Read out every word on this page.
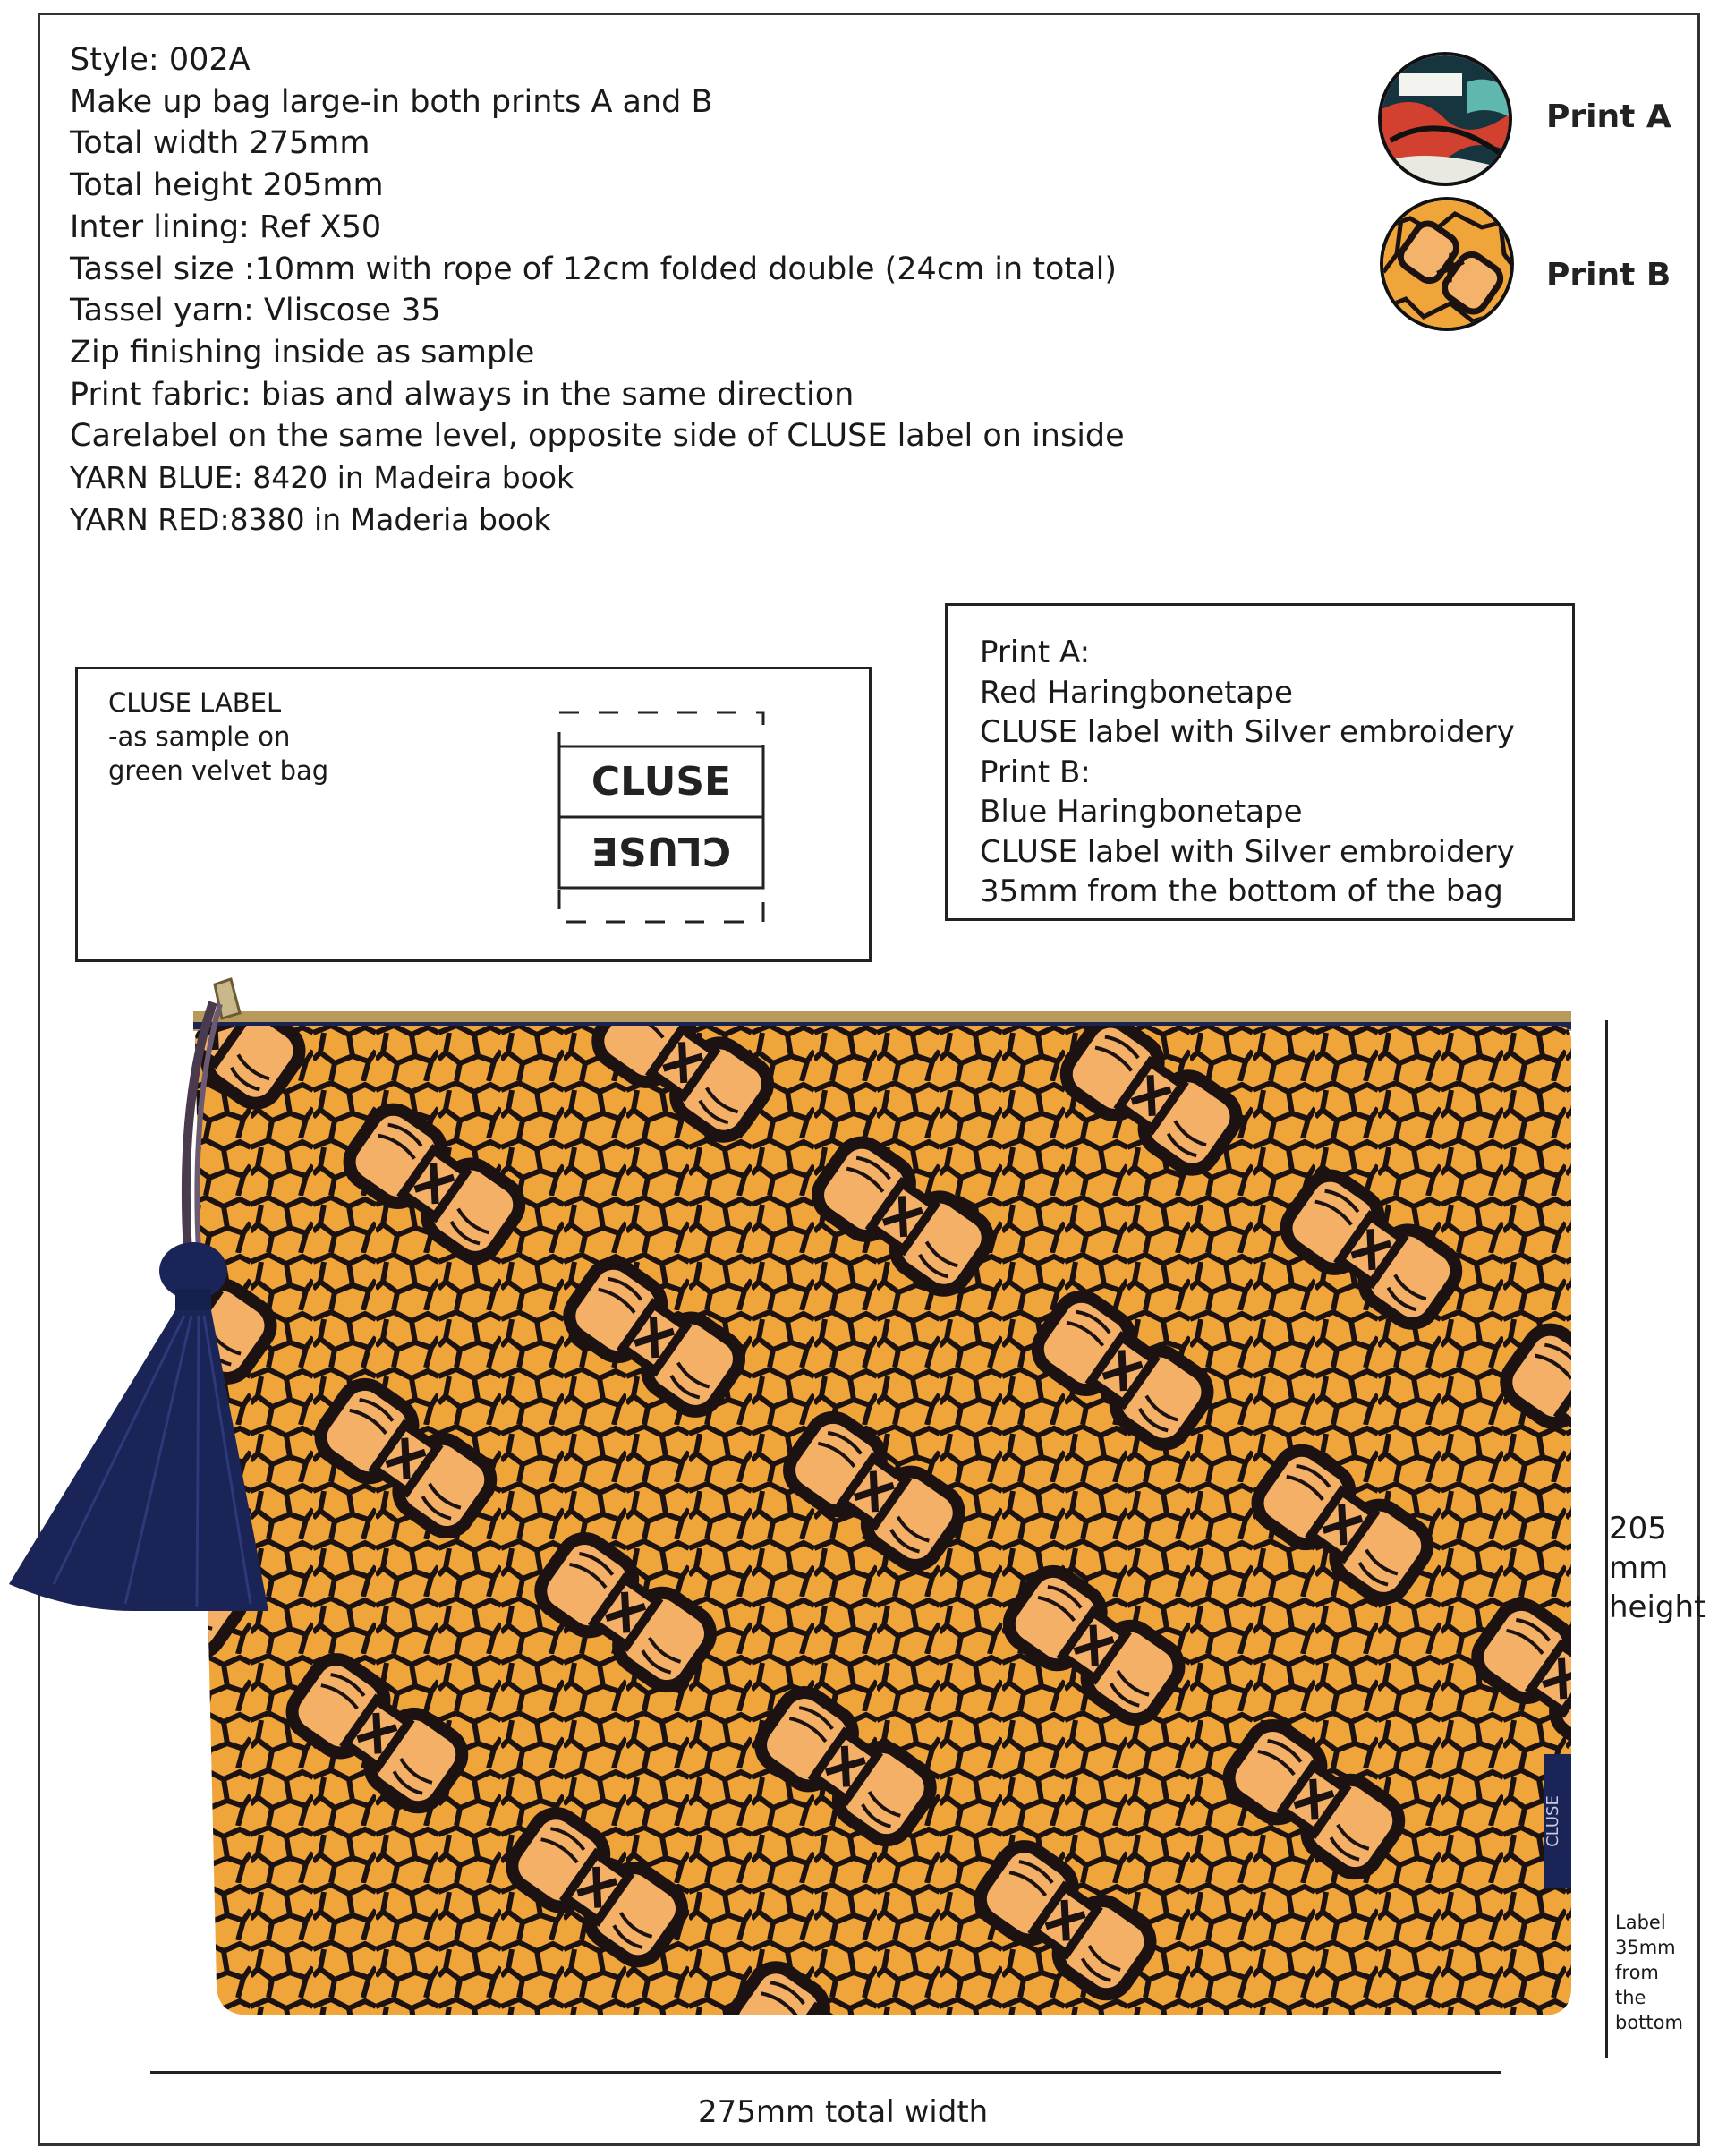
Style: 002A
Make up bag large-in both prints A and B
Total width 275mm
Total height 205mm
Inter lining: Ref X50
Tassel size :10mm with rope of 12cm folded double (24cm in total)
Tassel yarn: Vliscose 35
Zip finishing inside as sample
Print fabric: bias and always in the same direction
Carelabel on the same level, opposite side of CLUSE label on inside
YARN BLUE: 8420 in Madeira book
YARN RED:8380 in Maderia book
Print A
Print B
CLUSE LABEL
-as sample on
green velvet bag	CLUSE
CLUSE
Print A:
Red Haringbonetape
CLUSE label with Silver embroidery
Print B:
Blue Haringbonetape
CLUSE label with Silver embroidery
35mm from the bottom of the bag
CLUSE
205
mm
height
Label
35mm
from
the bottom
275mm total width
